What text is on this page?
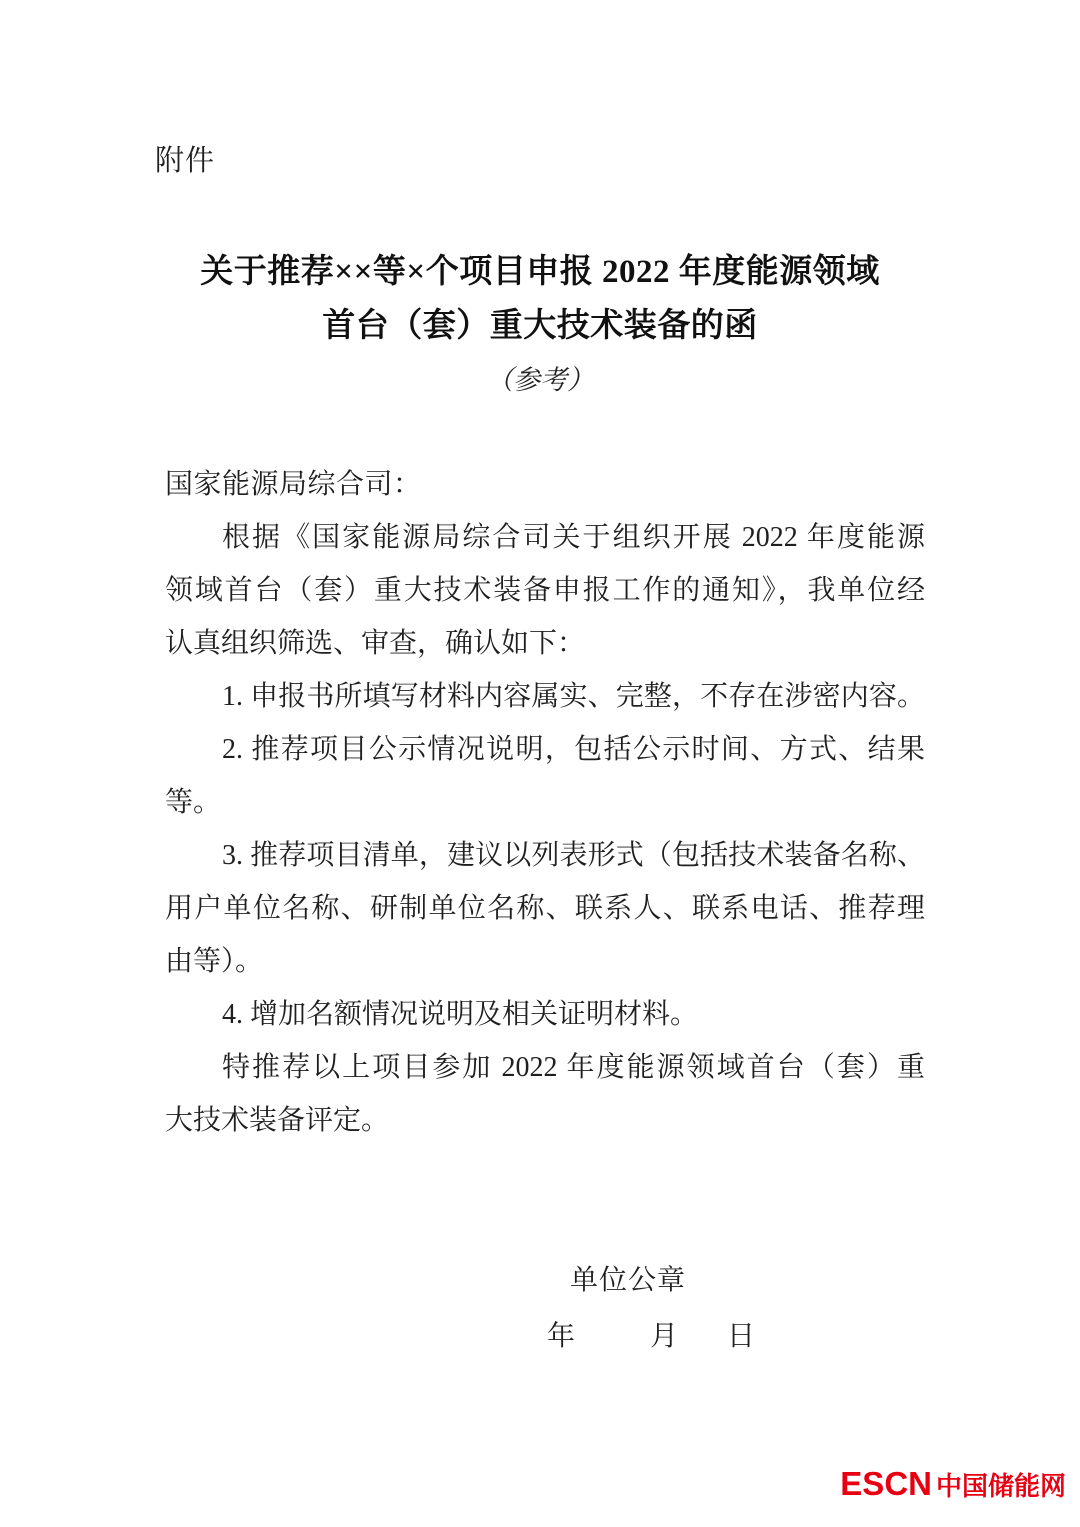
附件
关于推荐××等×个项目申报 2022 年度能源领域
首台（套）重大技术装备的函
（参考）
国家能源局综合司：
根据《国家能源局综合司关于组织开展 2022 年度能源
领域首台（套）重大技术装备申报工作的通知》，我单位经
认真组织筛选、审查，确认如下：
1. 申报书所填写材料内容属实、完整，不存在涉密内容。
2. 推荐项目公示情况说明，包括公示时间、方式、结果
等。
3. 推荐项目清单，建议以列表形式（包括技术装备名称、
用户单位名称、研制单位名称、联系人、联系电话、推荐理
由等）。
4. 增加名额情况说明及相关证明材料。
特推荐以上项目参加 2022 年度能源领域首台（套）重
大技术装备评定。
单位公章
年	月 日
ESCN 中国储能网
